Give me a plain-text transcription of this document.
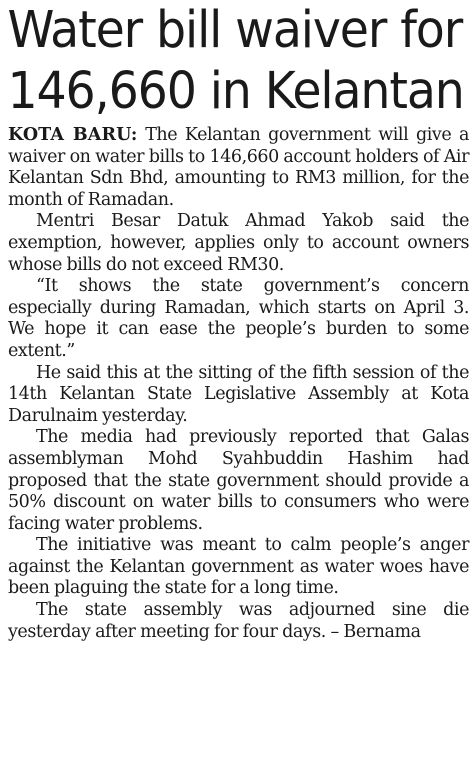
Water bill waiver for
146,660 in Kelantan

KOTA BARU: The Kelantan government will give a waiver on water bills to 146,660 account holders of Air Kelantan Sdn Bhd, amounting to RM3 million, for the month of Ramadan.

Mentri Besar Datuk Ahmad Yakob said the exemption, however, applies only to account owners whose bills do not exceed RM30.

“It shows the state government’s concern especially during Ramadan, which starts on April 3. We hope it can ease the people’s burden to some extent.”

He said this at the sitting of the fifth session of the 14th Kelantan State Legislative Assembly at Kota Darulnaim yesterday.

The media had previously reported that Galas assemblyman Mohd Syahbuddin Hashim had proposed that the state government should provide a 50% discount on water bills to consumers who were facing water problems.

The initiative was meant to calm people’s anger against the Kelantan government as water woes have been plaguing the state for a long time.

The state assembly was adjourned sine die yesterday after meeting for four days. – Bernama
